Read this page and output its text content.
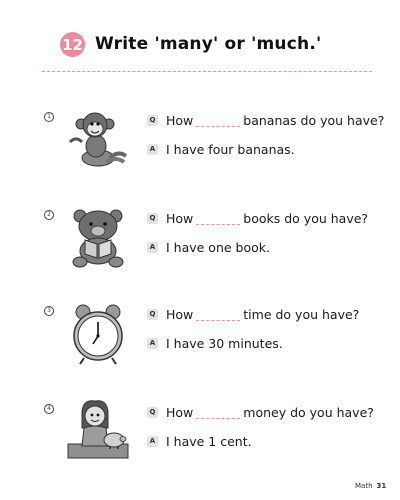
12 Write 'many' or 'much.'
1	Q How	bananas do you have?
A I have four bananas.
2	Q How	books do you have?
A I have one book.
3	Q How	time do you have?
A I have 30 minutes.
4	Q How	money do you have?
A I have 1 cent.
Math 31
